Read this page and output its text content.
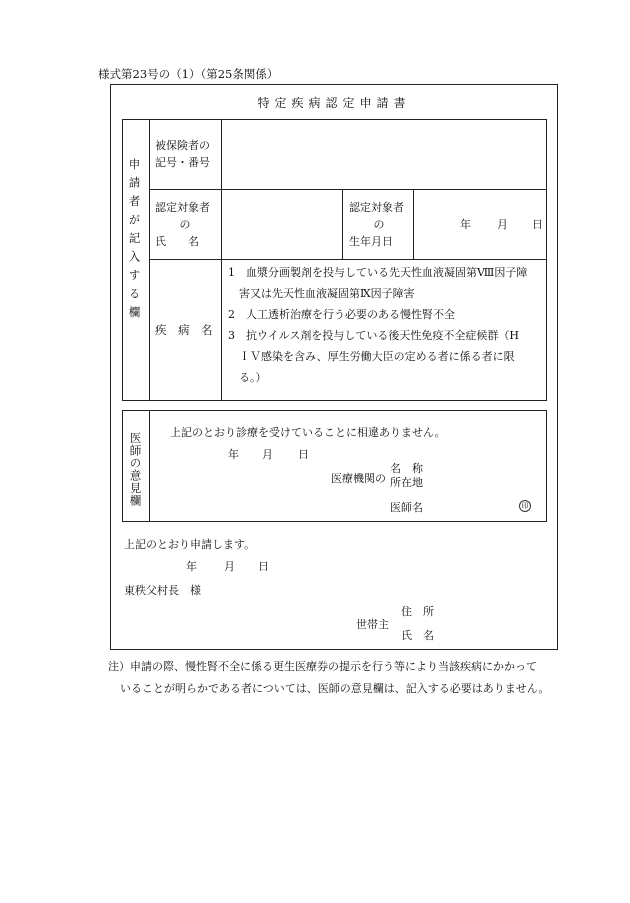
様式第23号の（1）（第25条関係）
特定疾病認定申請書
申請者が記入する欄
被保険者の
記号・番号
認定対象者
の
氏　　名
認定対象者
の
生年月日
年 月 日
疾　病　名

1　血漿分画製剤を投与している先天性血液凝固第Ⅷ因子障

　害又は先天性血液凝固第Ⅸ因子障害

2　人工透析治療を行う必要のある慢性腎不全

3　抗ウイルス剤を投与している後天性免疫不全症候群（H

　ＩＶ感染を含み、厚生労働大臣の定める者に係る者に限

　る。）

医師の意見欄	上記のとおり診療を受けていることに相違ありません。
年 月 日
医療機関の
名　称
所在地
医師名	印
上記のとおり申請します。
年 月 日
東秩父村長　様
世帯主
住　所
氏　名
注）申請の際、慢性腎不全に係る更生医療券の提示を行う等により当該疾病にかかって
いることが明らかである者については、医師の意見欄は、記入する必要はありません。
